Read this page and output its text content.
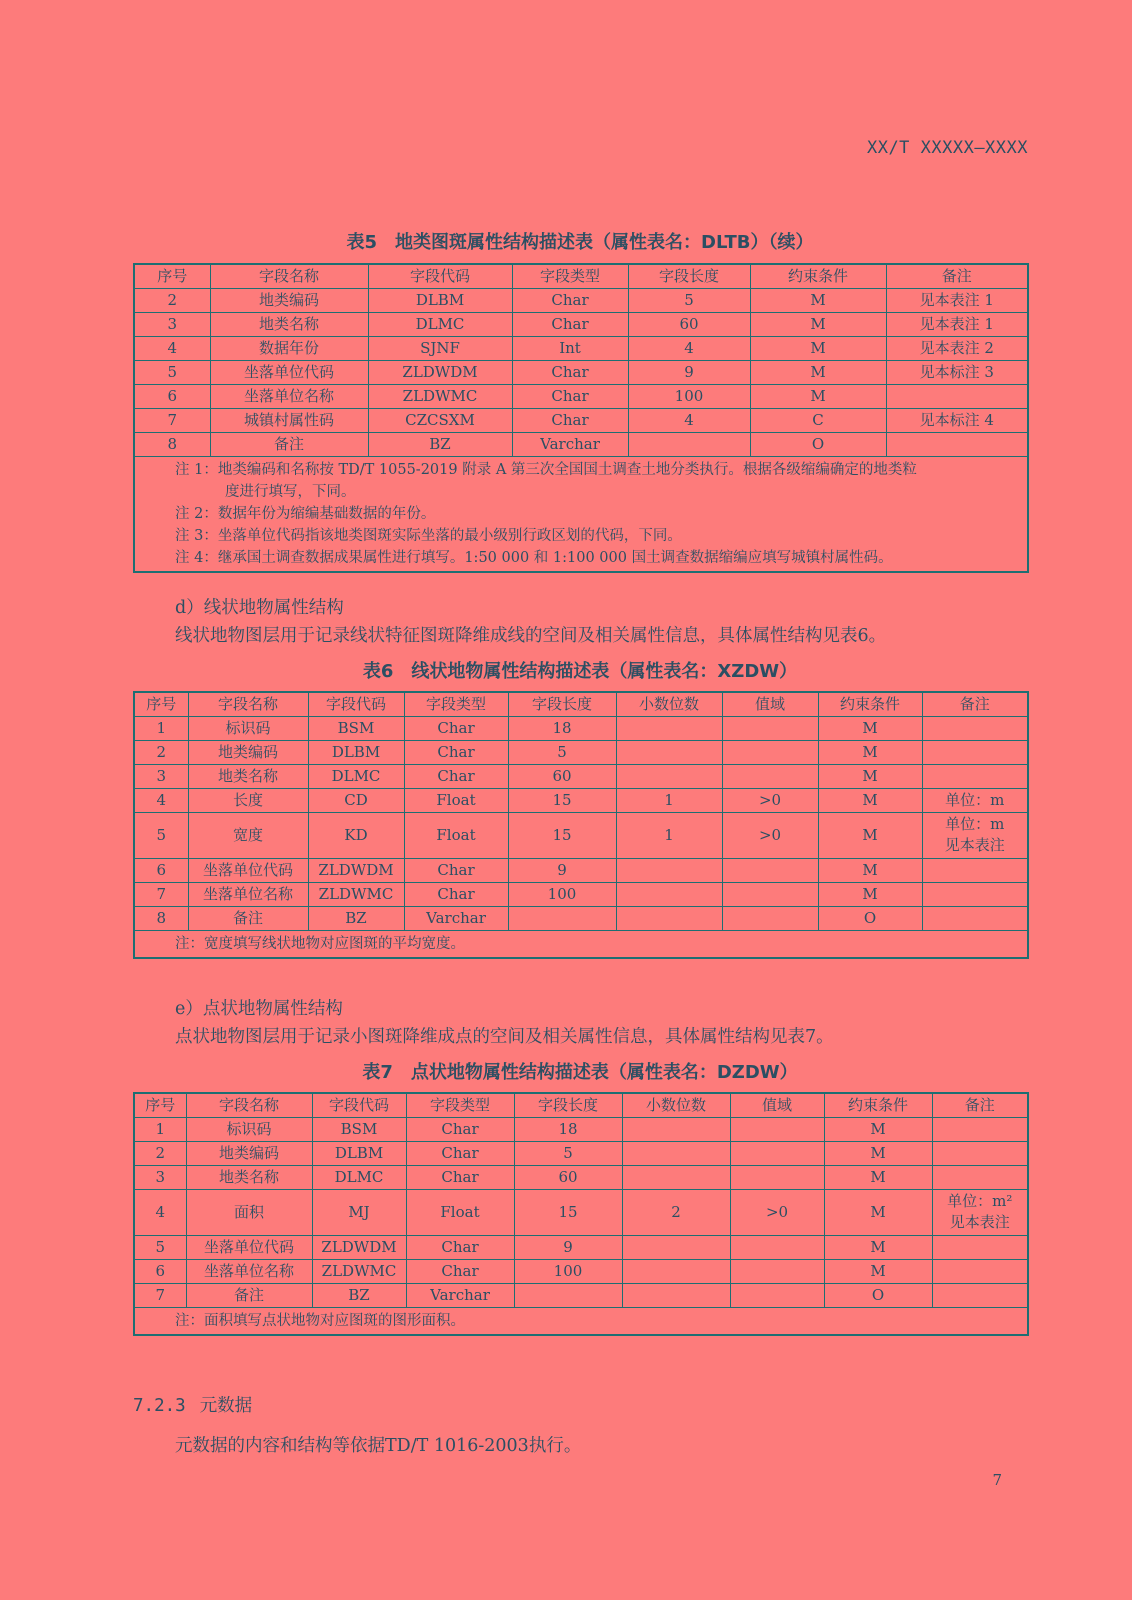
XX/T XXXXX—XXXX
表5　地类图斑属性结构描述表（属性表名：DLTB）（续）
序号	字段名称	字段代码	字段类型	字段长度	约束条件	备注
2	地类编码	DLBM	Char	5	M	见本表注 1
3	地类名称	DLMC	Char	60	M	见本表注 1
4	数据年份	SJNF	Int	4	M	见本表注 2
5	坐落单位代码	ZLDWDM	Char	9	M	见本标注 3
6	坐落单位名称	ZLDWMC	Char	100	M	
7	城镇村属性码	CZCSXM	Char	4	C	见本标注 4
8	备注	BZ	Varchar		O	

注 1：地类编码和名称按 TD/T 1055-2019 附录 A 第三次全国国土调查土地分类执行。根据各级缩编确定的地类粒
度进行填写，下同。
注 2：数据年份为缩编基础数据的年份。
注 3：坐落单位代码指该地类图斑实际坐落的最小级别行政区划的代码，下同。
注 4：继承国土调查数据成果属性进行填写。1:50 000 和 1:100 000 国土调查数据缩编应填写城镇村属性码。						
d）线状地物属性结构
线状地物图层用于记录线状特征图斑降维成线的空间及相关属性信息，具体属性结构见表6。
表6　线状地物属性结构描述表（属性表名：XZDW）
序号	字段名称	字段代码	字段类型	字段长度	小数位数	值域	约束条件	备注
1	标识码	BSM	Char	18			M	
2	地类编码	DLBM	Char	5			M	
3	地类名称	DLMC	Char	60			M	
4	长度	CD	Float	15	1	>0	M	单位：m
5	宽度	KD	Float	15	1	>0	M	单位：m
见本表注

6	坐落单位代码	ZLDWDM	Char	9			M	
7	坐落单位名称	ZLDWMC	Char	100			M	
8	备注	BZ	Varchar				O	

注：宽度填写线状地物对应图斑的平均宽度。								
e）点状地物属性结构
点状地物图层用于记录小图斑降维成点的空间及相关属性信息，具体属性结构见表7。
表7　点状地物属性结构描述表（属性表名：DZDW）
序号	字段名称	字段代码	字段类型	字段长度	小数位数	值域	约束条件	备注
1	标识码	BSM	Char	18			M	
2	地类编码	DLBM	Char	5			M	
3	地类名称	DLMC	Char	60			M	
4	面积	MJ	Float	15	2	>0	M	单位：m²
见本表注

5	坐落单位代码	ZLDWDM	Char	9			M	
6	坐落单位名称	ZLDWMC	Char	100			M	
7	备注	BZ	Varchar				O	

注：面积填写点状地物对应图斑的图形面积。								
7.2.3 元数据
元数据的内容和结构等依据TD/T 1016-2003执行。
7
